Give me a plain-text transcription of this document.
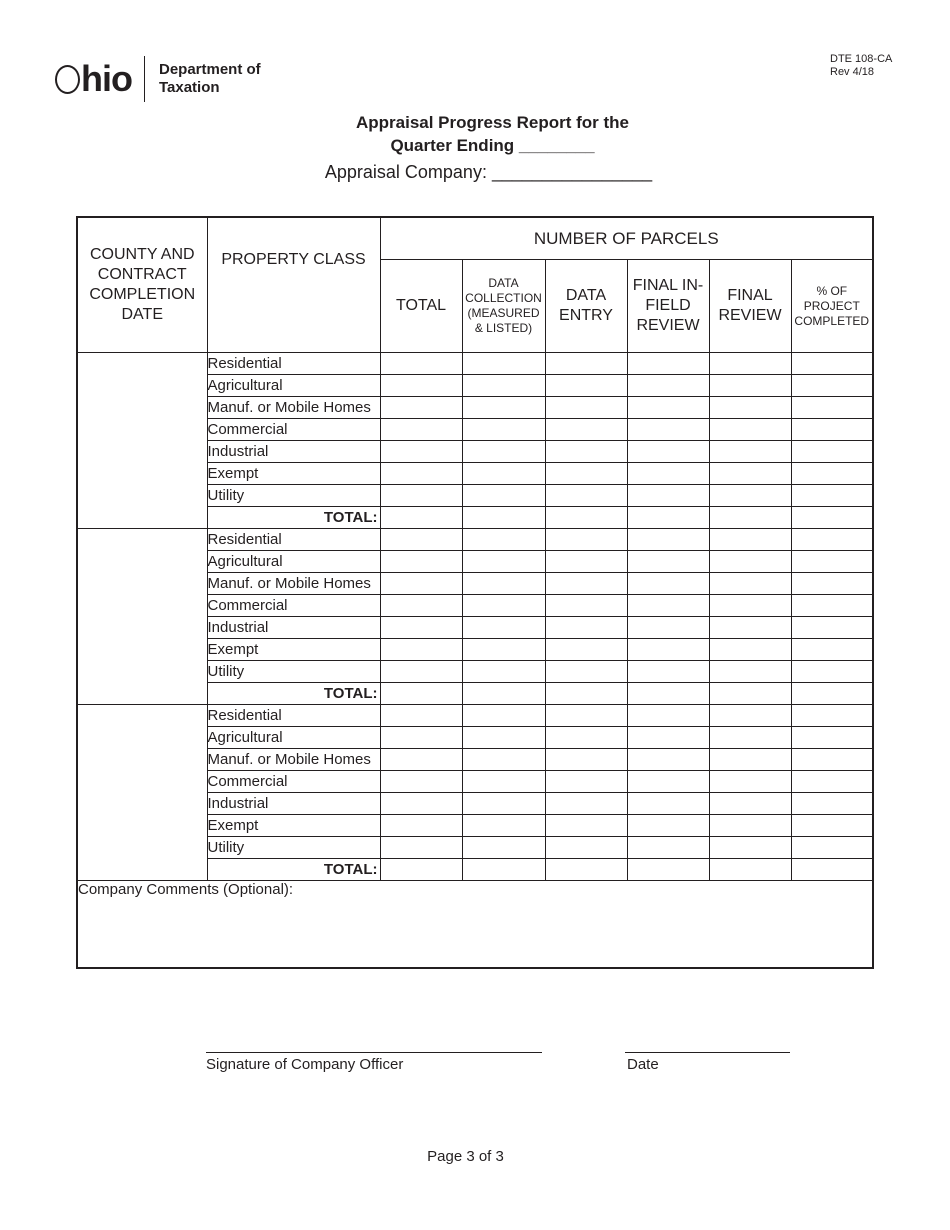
hio Department of
Taxation
DTE 108-CA
Rev 4/18
Appraisal Progress Report for the
Quarter Ending ________
Appraisal Company: ________________
COUNTY AND CONTRACT COMPLETION DATE	PROPERTY CLASS	NUMBER OF PARCELS					
		TOTAL	DATA COLLECTION (MEASURED & LISTED)	DATA ENTRY	FINAL IN-FIELD REVIEW	FINAL REVIEW	% OF PROJECT COMPLETED
	Residential						
	Agricultural						
	Manuf. or Mobile Homes						
	Commercial						
	Industrial						
	Exempt						
	Utility						
	TOTAL:						
	Residential						
	Agricultural						
	Manuf. or Mobile Homes						
	Commercial						
	Industrial						
	Exempt						
	Utility						
	TOTAL:						
	Residential						
	Agricultural						
	Manuf. or Mobile Homes						
	Commercial						
	Industrial						
	Exempt						
	Utility						
	TOTAL:						
Company Comments (Optional):							
Signature of Company Officer	Date
Page 3 of 3
